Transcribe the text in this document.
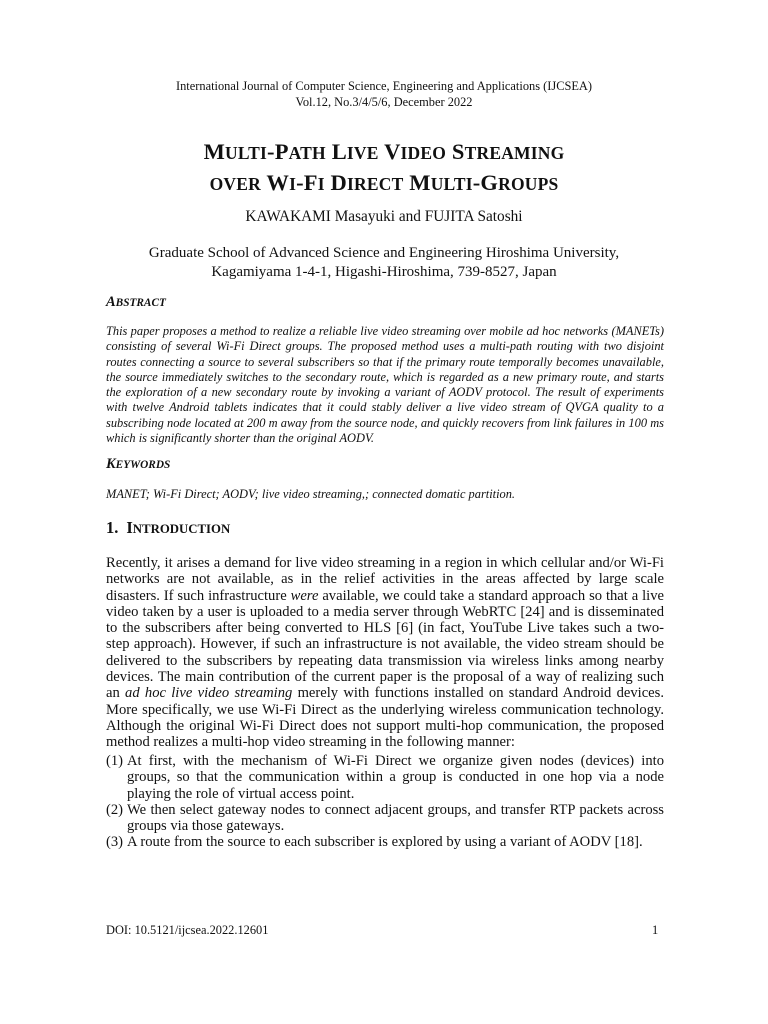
International Journal of Computer Science, Engineering and Applications (IJCSEA)
Vol.12, No.3/4/5/6, December 2022
MULTI-PATH LIVE VIDEO STREAMING
OVER WI-FI DIRECT MULTI-GROUPS
KAWAKAMI Masayuki and FUJITA Satoshi
Graduate School of Advanced Science and Engineering Hiroshima University,
Kagamiyama 1-4-1, Higashi-Hiroshima, 739-8527, Japan
ABSTRACT
This paper proposes a method to realize a reliable live video streaming over mobile ad hoc networks (MANETs) consisting of several Wi-Fi Direct groups. The proposed method uses a multi-path routing with two disjoint routes connecting a source to several subscribers so that if the primary route temporally becomes unavailable, the source immediately switches to the secondary route, which is regarded as a new primary route, and starts the exploration of a new secondary route by invoking a variant of AODV protocol. The result of experiments with twelve Android tablets indicates that it could stably deliver a live video stream of QVGA quality to a subscribing node located at 200 m away from the source node, and quickly recovers from link failures in 100 ms which is significantly shorter than the original AODV.
KEYWORDS
MANET; Wi-Fi Direct; AODV; live video streaming,; connected domatic partition.
1. INTRODUCTION
Recently, it arises a demand for live video streaming in a region in which cellular and/or Wi-Fi networks are not available, as in the relief activities in the areas affected by large scale disasters. If such infrastructure were available, we could take a standard approach so that a live video taken by a user is uploaded to a media server through WebRTC [24] and is disseminated to the subscribers after being converted to HLS [6] (in fact, YouTube Live takes such a two-step approach). However, if such an infrastructure is not available, the video stream should be delivered to the subscribers by repeating data transmission via wireless links among nearby devices. The main contribution of the current paper is the proposal of a way of realizing such an ad hoc live video streaming merely with functions installed on standard Android devices. More specifically, we use Wi-Fi Direct as the underlying wireless communication technology. Although the original Wi-Fi Direct does not support multi-hop communication, the proposed method realizes a multi-hop video streaming in the following manner:

(1) At first, with the mechanism of Wi-Fi Direct we organize given nodes (devices) into groups, so that the communication within a group is conducted in one hop via a node playing the role of virtual access point.

(2) We then select gateway nodes to connect adjacent groups, and transfer RTP packets across groups via those gateways.

(3) A route from the source to each subscriber is explored by using a variant of AODV [18].

DOI: 10.5121/ijcsea.2022.12601	1
